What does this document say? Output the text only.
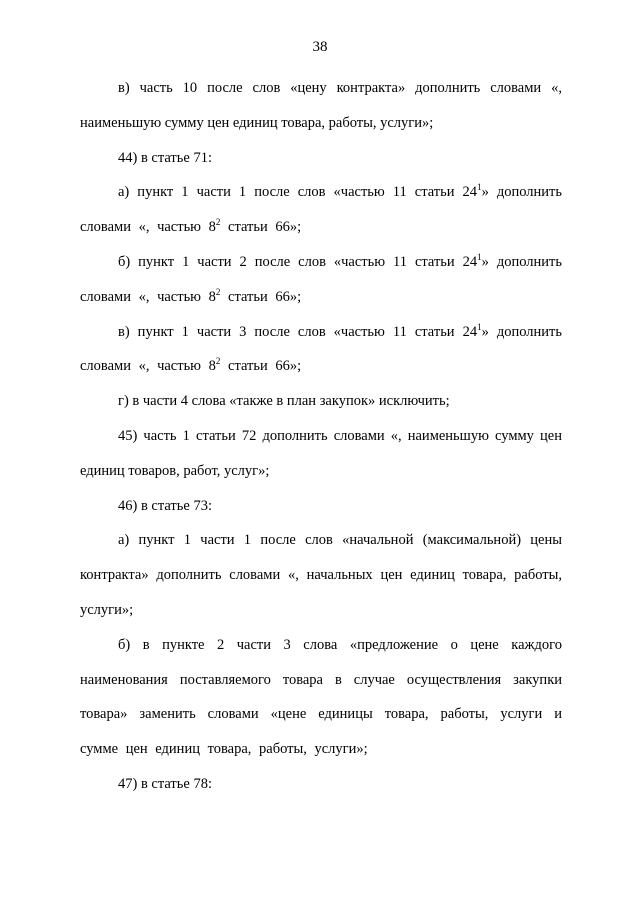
38

в) часть 10 после слов «цену контракта» дополнить словами «, наименьшую сумму цен единиц товара, работы, услуги»;

44) в статье 71:

а) пункт 1 части 1 после слов «частью 11 статьи $24^1$» дополнить словами «, частью $8^2$ статьи 66»;

б) пункт 1 части 2 после слов «частью 11 статьи $24^1$» дополнить словами «, частью $8^2$ статьи 66»;

в) пункт 1 части 3 после слов «частью 11 статьи $24^1$» дополнить словами «, частью $8^2$ статьи 66»;

г) в части 4 слова «также в план закупок» исключить;

45) часть 1 статьи 72 дополнить словами «, наименьшую сумму цен единиц товаров, работ, услуг»;

46) в статье 73:

а) пункт 1 части 1 после слов «начальной (максимальной) цены контракта» дополнить словами «, начальных цен единиц товара, работы, услуги»;

б) в пункте 2 части 3 слова «предложение о цене каждого наименования поставляемого товара в случае осуществления закупки товара» заменить словами «цене единицы товара, работы, услуги и сумме цен единиц товара, работы, услуги»;

47) в статье 78:
